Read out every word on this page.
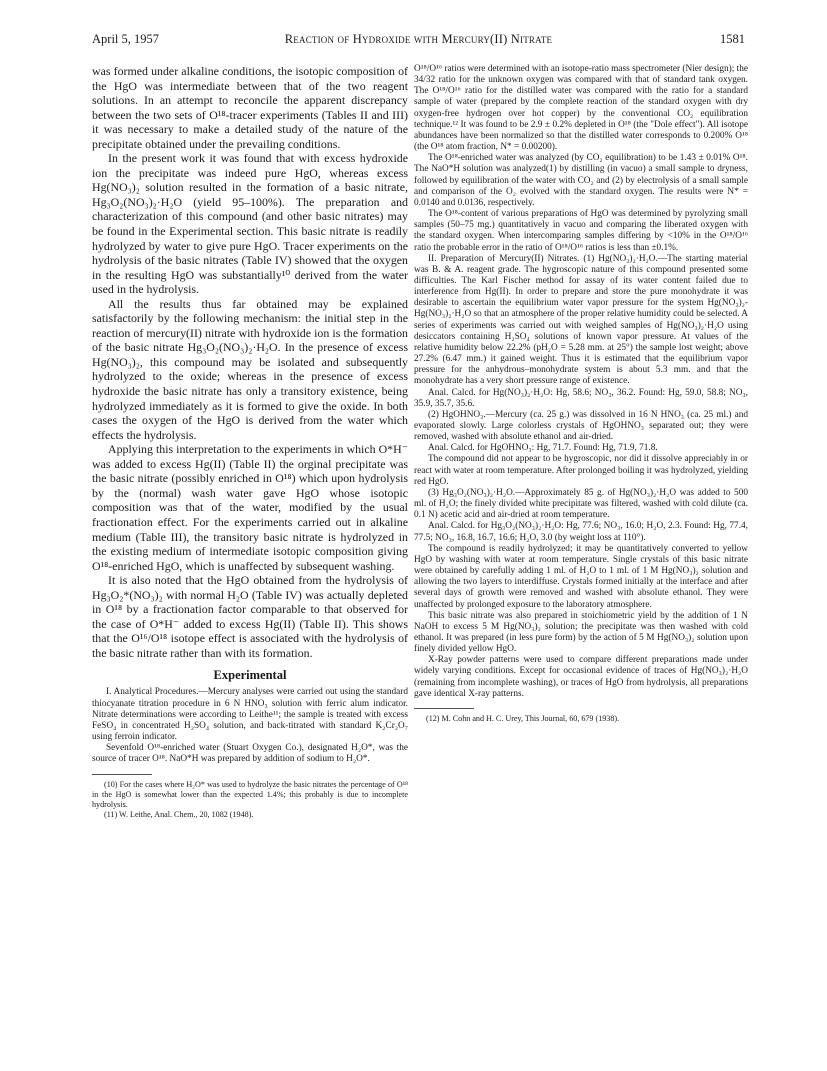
April 5, 1957	Reaction of Hydroxide with Mercury(II) Nitrate	1581

was formed under alkaline conditions, the isotopic composition of the HgO was intermediate between that of the two reagent solutions. In an attempt to reconcile the apparent discrepancy between the two sets of O¹⁸-tracer experiments (Tables II and III) it was necessary to make a detailed study of the nature of the precipitate obtained under the prevailing conditions.

In the present work it was found that with excess hydroxide ion the precipitate was indeed pure HgO, whereas excess Hg(NO₃)₂ solution resulted in the formation of a basic nitrate, Hg₃O₂(NO₃)₂·H₂O (yield 95–100%). The preparation and characterization of this compound (and other basic nitrates) may be found in the Experimental section. This basic nitrate is readily hydrolyzed by water to give pure HgO. Tracer experiments on the hydrolysis of the basic nitrates (Table IV) showed that the oxygen in the resulting HgO was substantially¹⁰ derived from the water used in the hydrolysis.

All the results thus far obtained may be explained satisfactorily by the following mechanism: the initial step in the reaction of mercury(II) nitrate with hydroxide ion is the formation of the basic nitrate Hg₃O₂(NO₃)₂·H₂O. In the presence of excess Hg(NO₃)₂, this compound may be isolated and subsequently hydrolyzed to the oxide; whereas in the presence of excess hydroxide the basic nitrate has only a transitory existence, being hydrolyzed immediately as it is formed to give the oxide. In both cases the oxygen of the HgO is derived from the water which effects the hydrolysis.

Applying this interpretation to the experiments in which O*H⁻ was added to excess Hg(II) (Table II) the orginal precipitate was the basic nitrate (possibly enriched in O¹⁸) which upon hydrolysis by the (normal) wash water gave HgO whose isotopic composition was that of the water, modified by the usual fractionation effect. For the experiments carried out in alkaline medium (Table III), the transitory basic nitrate is hydrolyzed in the existing medium of intermediate isotopic composition giving O¹⁸-enriched HgO, which is unaffected by subsequent washing.

It is also noted that the HgO obtained from the hydrolysis of Hg₃O₂*(NO₃)₂ with normal H₂O (Table IV) was actually depleted in O¹⁸ by a fractionation factor comparable to that observed for the case of O*H⁻ added to excess Hg(II) (Table II). This shows that the O¹⁶/O¹⁸ isotope effect is associated with the hydrolysis of the basic nitrate rather than with its formation.

Experimental

I. Analytical Procedures.—Mercury analyses were carried out using the standard thiocyanate titration procedure in 6 N HNO₃ solution with ferric alum indicator. Nitrate determinations were according to Leithe¹¹; the sample is treated with excess FeSO₄ in concentrated H₂SO₄ solution, and back-titrated with standard K₂Cr₂O₇ using ferroin indicator.

Sevenfold O¹⁸-enriched water (Stuart Oxygen Co.), designated H₂O*, was the source of tracer O¹⁸. NaO*H was prepared by addition of sodium to H₂O*.

(10) For the cases where H₂O* was used to hydrolyze the basic nitrates the percentage of O¹⁸ in the HgO is somewhat lower than the expected 1.4%; this probably is due to incomplete hydrolysis.

(11) W. Leithe, Anal. Chem., 20, 1082 (1948).

O¹⁸/O¹⁶ ratios were determined with an isotope-ratio mass spectrometer (Nier design); the 34/32 ratio for the unknown oxygen was compared with that of standard tank oxygen. The O¹⁸/O¹⁶ ratio for the distilled water was compared with the ratio for a standard sample of water (prepared by the complete reaction of the standard oxygen with dry oxygen-free hydrogen over hot copper) by the conventional CO₂ equilibration technique.¹² It was found to be 2.9 ± 0.2% depleted in O¹⁸ (the "Dole effect"). All isotope abundances have been normalized so that the distilled water corresponds to 0.200% O¹⁸ (the O¹⁸ atom fraction, N* = 0.00200).

The O¹⁸-enriched water was analyzed (by CO₂ equilibration) to be 1.43 ± 0.01% O¹⁸. The NaO*H solution was analyzed(1) by distilling (in vacuo) a small sample to dryness, followed by equilibration of the water with CO₂ and (2) by electrolysis of a small sample and comparison of the O₂ evolved with the standard oxygen. The results were N* = 0.0140 and 0.0136, respectively.

The O¹⁸-content of various preparations of HgO was determined by pyrolyzing small samples (50–75 mg.) quantitatively in vacuo and comparing the liberated oxygen with the standard oxygen. When intercomparing samples differing by <10% in the O¹⁸/O¹⁶ ratio the probable error in the ratio of O¹⁸/O¹⁶ ratios is less than ±0.1%.

II. Preparation of Mercury(II) Nitrates. (1) Hg(NO₃)₂·H₂O.—The starting material was B. & A. reagent grade. The hygroscopic nature of this compound presented some difficulties. The Karl Fischer method for assay of its water content failed due to interference from Hg(II). In order to prepare and store the pure monohydrate it was desirable to ascertain the equilibrium water vapor pressure for the system Hg(NO₃)₂-Hg(NO₃)₂·H₂O so that an atmosphere of the proper relative humidity could be selected. A series of experiments was carried out with weighed samples of Hg(NO₃)₂·H₂O using desiccators containing H₂SO₄ solutions of known vapor pressure. At values of the relative humidity below 22.2% (pH₂O = 5.28 mm. at 25°) the sample lost weight; above 27.2% (6.47 mm.) it gained weight. Thus it is estimated that the equilibrium vapor pressure for the anhydrous–monohydrate system is about 5.3 mm. and that the monohydrate has a very short pressure range of existence.

Anal. Calcd. for Hg(NO₃)₂·H₂O: Hg, 58.6; NO₃, 36.2. Found: Hg, 59.0, 58.8; NO₃, 35.9, 35.7, 35.6.

(2) HgOHNO₃.—Mercury (ca. 25 g.) was dissolved in 16 N HNO₃ (ca. 25 ml.) and evaporated slowly. Large colorless crystals of HgOHNO₃ separated out; they were removed, washed with absolute ethanol and air-dried.

Anal. Calcd. for HgOHNO₃: Hg, 71.7. Found: Hg, 71.9, 71.8.

The compound did not appear to be hygroscopic, nor did it dissolve appreciably in or react with water at room temperature. After prolonged boiling it was hydrolyzed, yielding red HgO.

(3) Hg₃O₂(NO₃)₂·H₂O.—Approximately 85 g. of Hg(NO₃)₂·H₂O was added to 500 ml. of H₂O; the finely divided white precipitate was filtered, washed with cold dilute (ca. 0.1 N) acetic acid and air-dried at room temperature.

Anal. Calcd. for Hg₃O₂(NO₃)₂·H₂O: Hg, 77.6; NO₃, 16.0; H₂O, 2.3. Found: Hg, 77.4, 77.5; NO₃, 16.8, 16.7, 16.6; H₂O, 3.0 (by weight loss at 110°).

The compound is readily hydrolyzed; it may be quantitatively converted to yellow HgO by washing with water at room temperature. Single crystals of this basic nitrate were obtained by carefully adding 1 ml. of H₂O to 1 ml. of 1 M Hg(NO₃)₂ solution and allowing the two layers to interdiffuse. Crystals formed initially at the interface and after several days of growth were removed and washed with absolute ethanol. They were unaffected by prolonged exposure to the laboratory atmosphere.

This basic nitrate was also prepared in stoichiometric yield by the addition of 1 N NaOH to excess 5 M Hg(NO₃)₂ solution; the precipitate was then washed with cold ethanol. It was prepared (in less pure form) by the action of 5 M Hg(NO₃)₂ solution upon finely divided yellow HgO.

X-Ray powder patterns were used to compare different preparations made under widely varying conditions. Except for occasional evidence of traces of Hg(NO₃)₂·H₂O (remaining from incomplete washing), or traces of HgO from hydrolysis, all preparations gave identical X-ray patterns.

(12) M. Cohn and H. C. Urey, This Journal, 60, 679 (1938).
